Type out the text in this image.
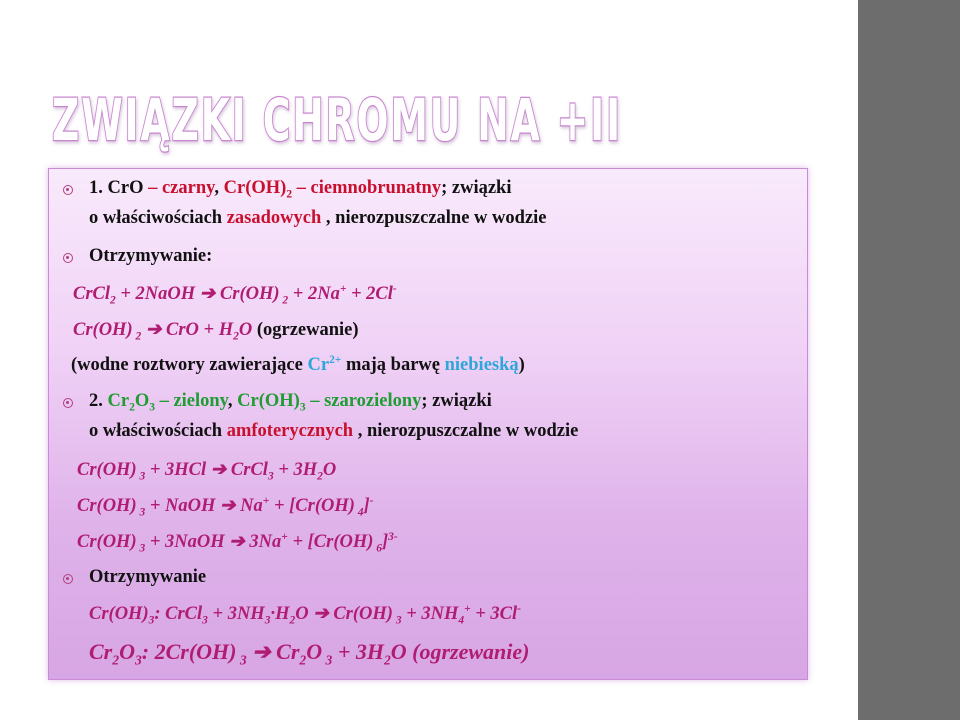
ZWIĄZKI CHROMU NA +II
1. CrO – czarny, $Cr(OH)_2$ – ciemnobrunatny; związki
o właściwościach zasadowych , nierozpuszczalne w wodzie
Otrzymywanie:
CrCl$_2$ + 2NaOH ➔ Cr(OH) $_2$ + 2Na+ + 2Cl-
Cr(OH) $_2$ ➔ CrO + $H_2O$ (ogrzewanie)
(wodne roztwory zawierające $Cr^{2+}$ mają barwę niebieską)
2. $Cr_2O_3$ – zielony, $Cr(OH)_3$ – szarozielony; związki
o właściwościach amfoterycznych , nierozpuszczalne w wodzie
Cr(OH) $_3$ + 3HCl ➔ CrCl$_3$ + $3H_2O$
Cr(OH) $_3$ + NaOH ➔ Na+ + [Cr(OH) $_4$]-
Cr(OH) $_3$ + 3NaOH ➔ 3Na+ + [Cr(OH) $_6$]$^{3-}$
Otrzymywanie
$Cr(OH)_3$: CrCl$_3$ + $3NH_3\cdot H_2O$ ➔ Cr(OH) $_3 + 3NH_4^+ + 3Cl^-$
$Cr_2O_3$: 2Cr(OH) $_3$ ➔ $Cr_2O$ $_3 + 3H_2O$ (ogrzewanie)
